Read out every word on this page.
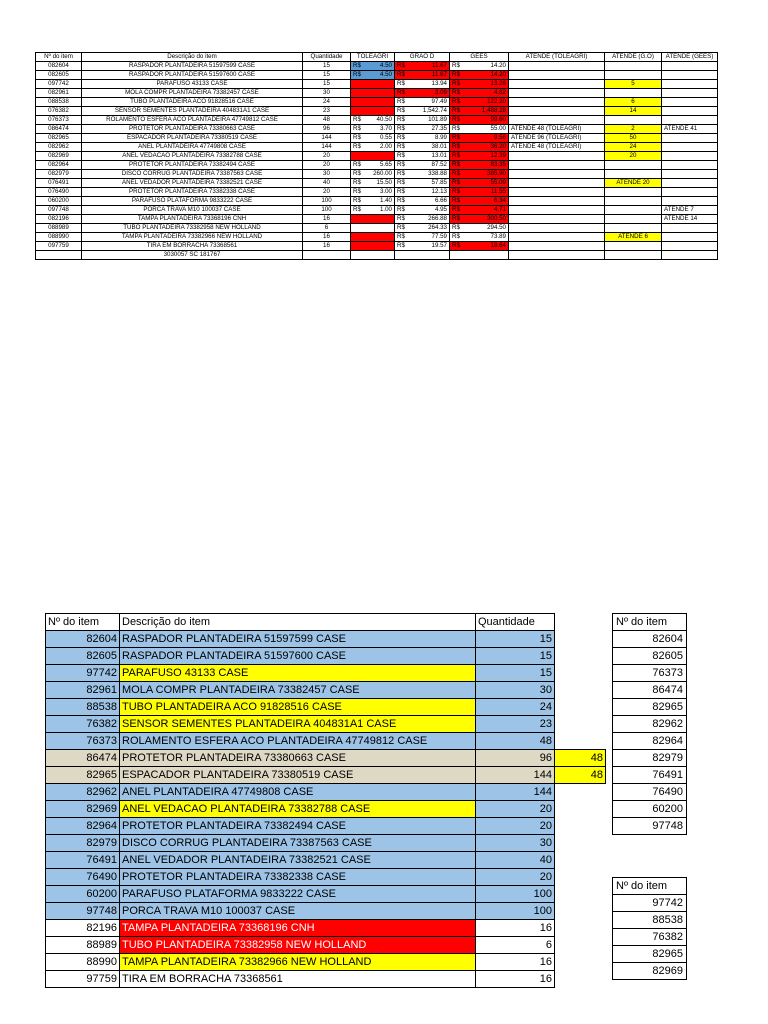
Nº do item	Descrição do item	Quantidade	TOLEAGRI	GRAO D	GEES	ATENDE (TOLEAGRI)	ATENDE (G.O)	ATENDE (GEES)
082604	RASPADOR PLANTADEIRA 51597599 CASE	15	R$ 4.50	R$ 11.67	R$ 14.20			

082605	RASPADOR PLANTADEIRA 51597600 CASE	15	R$ 4.50	R$ 11.67	R$ 14.20			

097742	PARAFUSO 43133 CASE	15		R$ 13.94	R$ 13.26		5	
082961	MOLA COMPR PLANTADEIRA 73382457 CASE	30		R$ 3.09	R$ 4.82			

088538	TUBO PLANTADEIRA ACO 91828516 CASE	24		R$ 97.49	R$ 122.20		6	
076382	SENSOR SEMENTES PLANTADEIRA 404831A1 CASE	23		R$ 1,542.74	R$ 1,488.28		14	
076373	ROLAMENTO ESFERA ACO PLANTADEIRA 47749812 CASE	48	R$ 40.50	R$ 101.89	R$ 99.60			

086474	PROTETOR PLANTADEIRA 73380663 CASE	96	R$ 3.70	R$ 27.35	R$ 55.00	ATENDE 48 (TOLEAGRI)	2	ATENDE 41
082965	ESPACADOR PLANTADEIRA 73380519 CASE	144	R$ 0.55	R$ 8.99	R$ 9.56	ATENDE 96 (TOLEAGRI)	50	
082962	ANEL PLANTADEIRA 47749808 CASE	144	R$ 2.00	R$ 38.01	R$ 36.20	ATENDE 48 (TOLEAGRI)	24	
082969	ANEL VEDACAO PLANTADEIRA 73382788 CASE	20		R$ 13.01	R$ 12.39		20	
082964	PROTETOR PLANTADEIRA 73382494 CASE	20	R$ 5.65	R$ 87.52	R$ 83.35			

082979	DISCO CORRUG PLANTADEIRA 73387563 CASE	30	R$ 260.00	R$ 338.88	R$ 385.90			

076491	ANEL VEDADOR PLANTADEIRA 73382521 CASE	40	R$ 15.50	R$ 57.85	R$ 55.09		ATENDE 20	
076490	PROTETOR PLANTADEIRA 73382338 CASE	20	R$ 3.00	R$ 12.13	R$ 11.55			

060200	PARAFUSO PLATAFORMA 9833222 CASE	100	R$ 1.40	R$ 6.66	R$ 6.34			

097748	PORCA TRAVA M10 100037 CASE	100	R$ 1.00	R$ 4.95	R$ 4.71			ATENDE 7
082196	TAMPA PLANTADEIRA 73368196 CNH	16		R$ 266.88	R$ 300.50			ATENDE 14
088989	TUBO PLANTADEIRA 73382958 NEW HOLLAND	6		R$ 264.33	R$ 294.50			

088990	TAMPA PLANTADEIRA 73382966 NEW HOLLAND	16		R$ 77.59	R$ 73.89		ATENDE 6	
097759	TIRA EM BORRACHA 73368561	16		R$ 19.57	R$ 18.64			

	3030057 SC 181767							
Nº do item	Descrição do item	Quantidade	
82604	RASPADOR PLANTADEIRA 51597599 CASE	15	
82605	RASPADOR PLANTADEIRA 51597600 CASE	15	
97742	PARAFUSO 43133 CASE	15	
82961	MOLA COMPR PLANTADEIRA 73382457 CASE	30	
88538	TUBO PLANTADEIRA ACO 91828516 CASE	24	
76382	SENSOR SEMENTES PLANTADEIRA 404831A1 CASE	23	
76373	ROLAMENTO ESFERA ACO PLANTADEIRA 47749812 CASE	48	
86474	PROTETOR PLANTADEIRA 73380663 CASE	96	48
82965	ESPACADOR PLANTADEIRA 73380519 CASE	144	48
82962	ANEL PLANTADEIRA 47749808 CASE	144	
82969	ANEL VEDACAO PLANTADEIRA 73382788 CASE	20	
82964	PROTETOR PLANTADEIRA 73382494 CASE	20	
82979	DISCO CORRUG PLANTADEIRA 73387563 CASE	30	
76491	ANEL VEDADOR PLANTADEIRA 73382521 CASE	40	
76490	PROTETOR PLANTADEIRA 73382338 CASE	20	
60200	PARAFUSO PLATAFORMA 9833222 CASE	100	
97748	PORCA TRAVA M10 100037 CASE	100	
82196	TAMPA PLANTADEIRA 73368196 CNH	16	
88989	TUBO PLANTADEIRA 73382958 NEW HOLLAND	6	
88990	TAMPA PLANTADEIRA 73382966 NEW HOLLAND	16	
97759	TIRA EM BORRACHA 73368561	16	
Nº do item
82604
82605
76373
86474
82965
82962
82964
82979
76491
76490
60200
97748
Nº do item
97742
88538
76382
82965
82969
